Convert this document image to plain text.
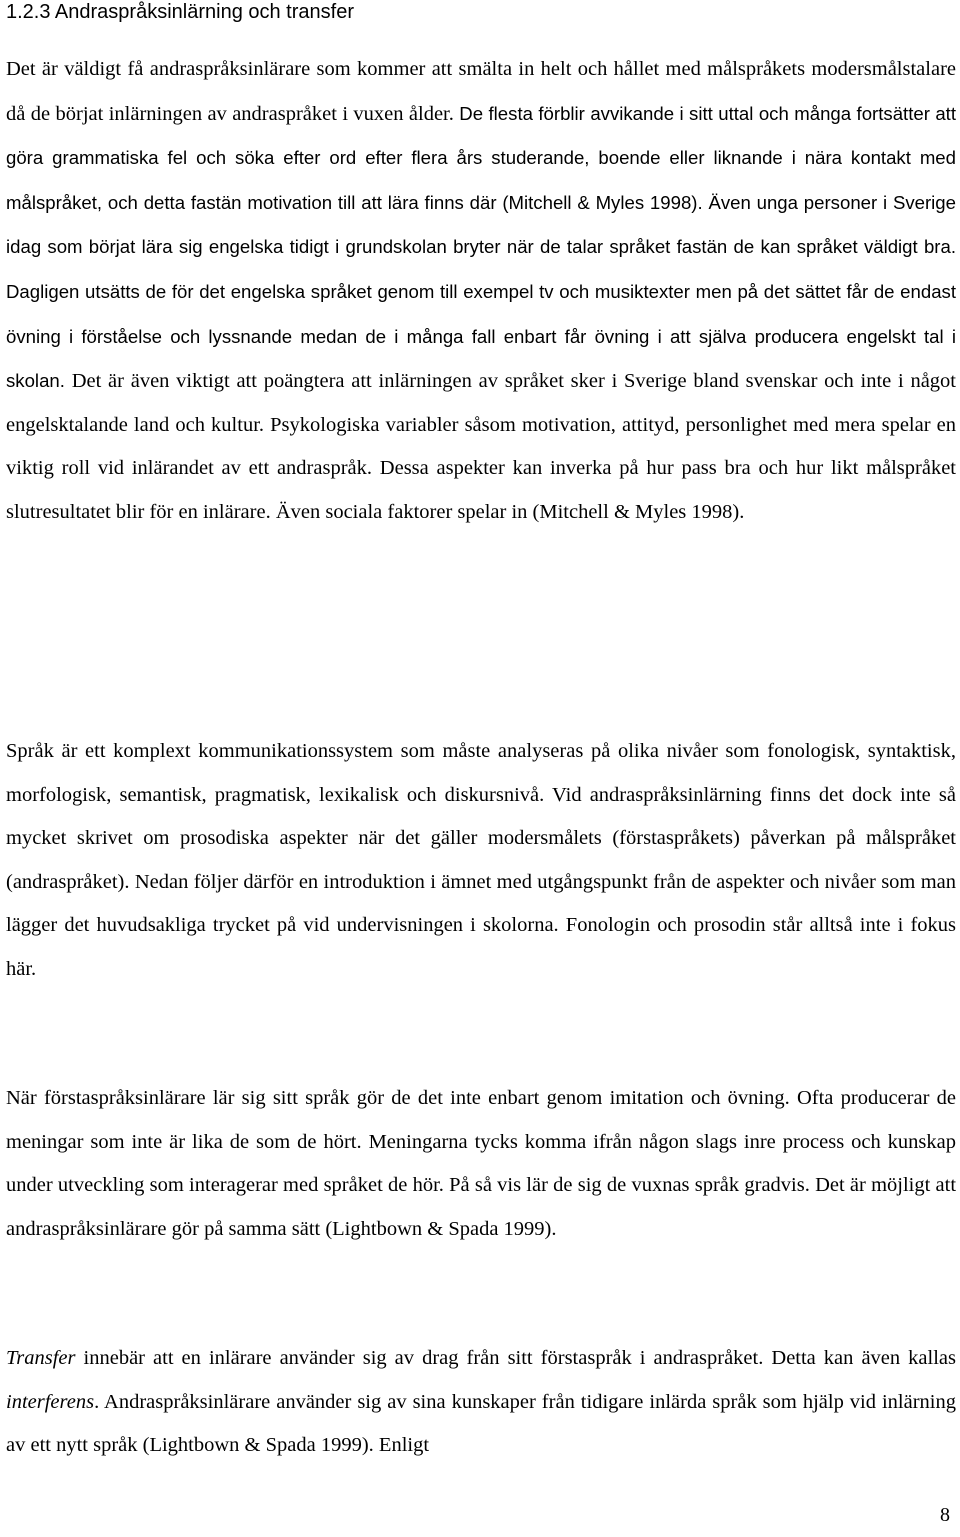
1.2.3 Andraspråksinlärning och transfer

Det är väldigt få andraspråksinlärare som kommer att smälta in helt och hållet med målspråkets modersmålstalare då de börjat inlärningen av andraspråket i vuxen ålder. De flesta förblir avvikande i sitt uttal och många fortsätter att göra grammatiska fel och söka efter ord efter flera års studerande, boende eller liknande i nära kontakt med målspråket, och detta fastän motivation till att lära finns där (Mitchell & Myles 1998). Även unga personer i Sverige idag som börjat lära sig engelska tidigt i grundskolan bryter när de talar språket fastän de kan språket väldigt bra. Dagligen utsätts de för det engelska språket genom till exempel tv och musiktexter men på det sättet får de endast övning i förståelse och lyssnande medan de i många fall enbart får övning i att själva producera engelskt tal i skolan. Det är även viktigt att poängtera att inlärningen av språket sker i Sverige bland svenskar och inte i något engelsktalande land och kultur. Psykologiska variabler såsom motivation, attityd, personlighet med mera spelar en viktig roll vid inlärandet av ett andraspråk. Dessa aspekter kan inverka på hur pass bra och hur likt målspråket slutresultatet blir för en inlärare. Även sociala faktorer spelar in (Mitchell & Myles 1998).

Språk är ett komplext kommunikationssystem som måste analyseras på olika nivåer som fonologisk, syntaktisk, morfologisk, semantisk, pragmatisk, lexikalisk och diskursnivå. Vid andraspråksinlärning finns det dock inte så mycket skrivet om prosodiska aspekter när det gäller modersmålets (förstaspråkets) påverkan på målspråket (andraspråket). Nedan följer därför en introduktion i ämnet med utgångspunkt från de aspekter och nivåer som man lägger det huvudsakliga trycket på vid undervisningen i skolorna. Fonologin och prosodin står alltså inte i fokus här.

När förstaspråksinlärare lär sig sitt språk gör de det inte enbart genom imitation och övning. Ofta producerar de meningar som inte är lika de som de hört. Meningarna tycks komma ifrån någon slags inre process och kunskap under utveckling som interagerar med språket de hör. På så vis lär de sig de vuxnas språk gradvis. Det är möjligt att andraspråksinlärare gör på samma sätt (Lightbown & Spada 1999).

Transfer innebär att en inlärare använder sig av drag från sitt förstaspråk i andraspråket. Detta kan även kallas interferens. Andraspråksinlärare använder sig av sina kunskaper från tidigare inlärda språk som hjälp vid inlärning av ett nytt språk (Lightbown & Spada 1999). Enligt

8
